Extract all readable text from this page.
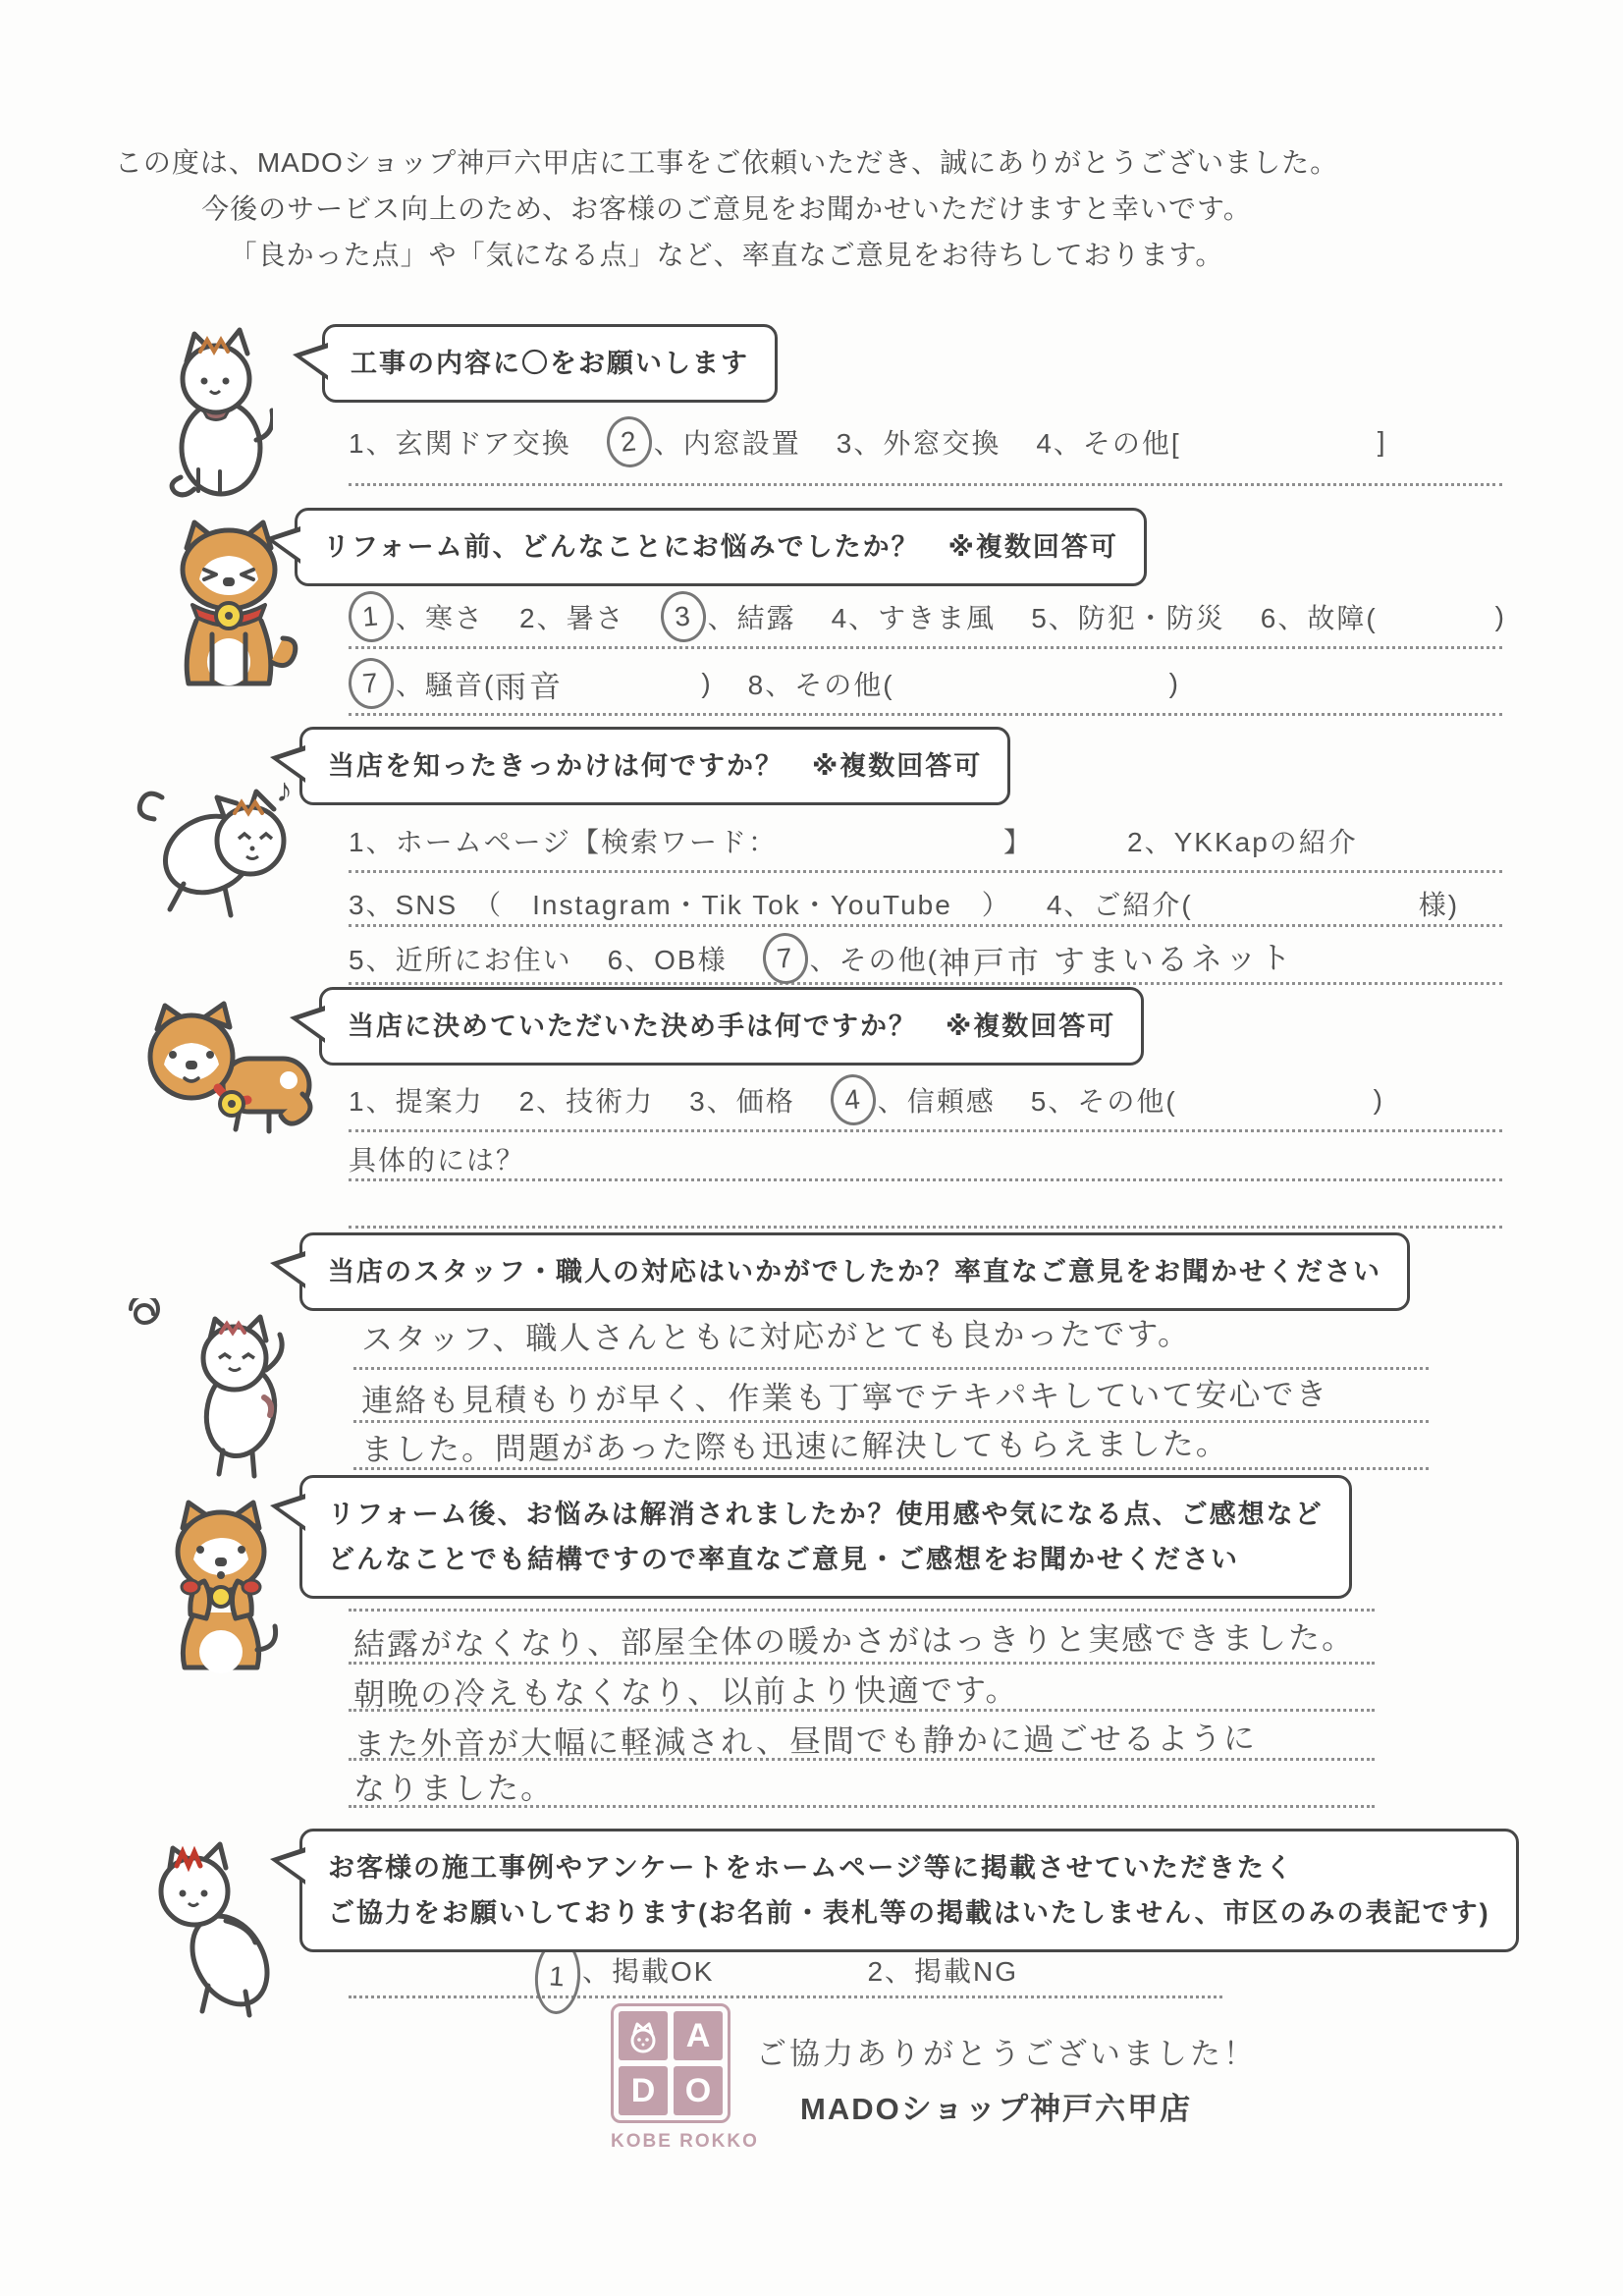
この度は、MADOショップ神戸六甲店に工事をご依頼いただき、誠にありがとうございました。
今後のサービス向上のため、お客様のご意見をお聞かせいただけますと幸いです。
「良かった点」や「気になる点」など、率直なご意見をお待ちしております。
工事の内容に〇をお願いします
1、玄関ドア交換	2 、内窓設置 3、外窓交換 4、その他[	]
リフォーム前、どんなことにお悩みでしたか？　※複数回答可
1 、寒さ 2、暑さ	3 、結露 4、すきま風 5、防犯・防災 6、故障(	)
7 、騒音( 雨音	) 8、その他(	)
♪
当店を知ったきっかけは何ですか？　※複数回答可
1、ホームページ【検索ワード：	】	2、YKKapの紹介
3、SNS　（　Instagram・Tik Tok・YouTube　） 4、ご紹介(	様)
5、近所にお住い 6、OB様	7 、その他( 神戸市 すまいるネット
当店に決めていただいた決め手は何ですか？　※複数回答可
1、提案力 2、技術力 3、価格	4 、信頼感 5、その他(	)
具体的には？
当店のスタッフ・職人の対応はいかがでしたか？率直なご意見をお聞かせください
スタッフ、職人さんともに対応がとても良かったです。
連絡も見積もりが早く、作業も丁寧でテキパキしていて安心でき
ました。問題があった際も迅速に解決してもらえました。
リフォーム後、お悩みは解消されましたか？使用感や気になる点、ご感想など
どんなことでも結構ですので率直なご意見・ご感想をお聞かせください
結露がなくなり、部屋全体の暖かさがはっきりと実感できました。
朝晩の冷えもなくなり、以前より快適です。
また外音が大幅に軽減され、昼間でも静かに過ごせるように
なりました。
お客様の施工事例やアンケートをホームページ等に掲載させていただきたく
ご協力をお願いしております(お名前・表札等の掲載はいたしません、市区のみの表記です)
1 、掲載OK	2、掲載NG
A
D O
KOBE ROKKO
ご協力ありがとうございました！
MADOショップ神戸六甲店
